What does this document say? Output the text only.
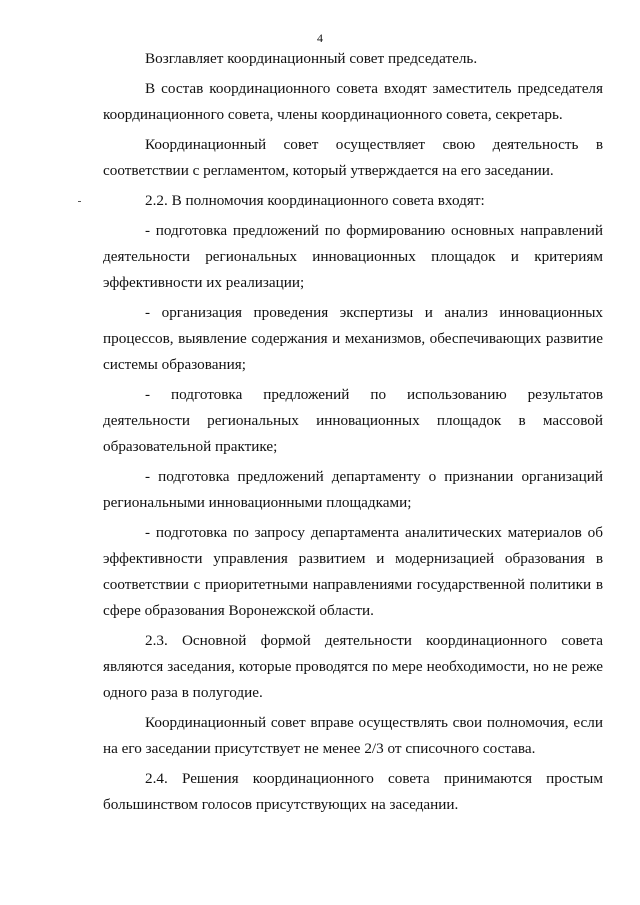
4

Возглавляет координационный совет председатель.

В состав координационного совета входят заместитель председателя координационного совета, члены координационного совета, секретарь.

Координационный совет осуществляет свою деятельность в соответствии с регламентом, который утверждается на его заседании.

2.2. В полномочия координационного совета входят:

- подготовка предложений по формированию основных направлений деятельности региональных инновационных площадок и критериям эффективности их реализации;

- организация проведения экспертизы и анализ инновационных процессов, выявление содержания и механизмов, обеспечивающих развитие системы образования;

- подготовка предложений по использованию результатов деятельности региональных инновационных площадок в массовой образовательной практике;

- подготовка предложений департаменту о признании организаций региональными инновационными площадками;

- подготовка по запросу департамента аналитических материалов об эффективности управления развитием и модернизацией образования в соответствии с приоритетными направлениями государственной политики в сфере образования Воронежской области.

2.3. Основной формой деятельности координационного совета являются заседания, которые проводятся по мере необходимости, но не реже одного раза в полугодие.

Координационный совет вправе осуществлять свои полномочия, если на его заседании присутствует не менее 2/3 от списочного состава.

2.4. Решения координационного совета принимаются простым большинством голосов присутствующих на заседании.
